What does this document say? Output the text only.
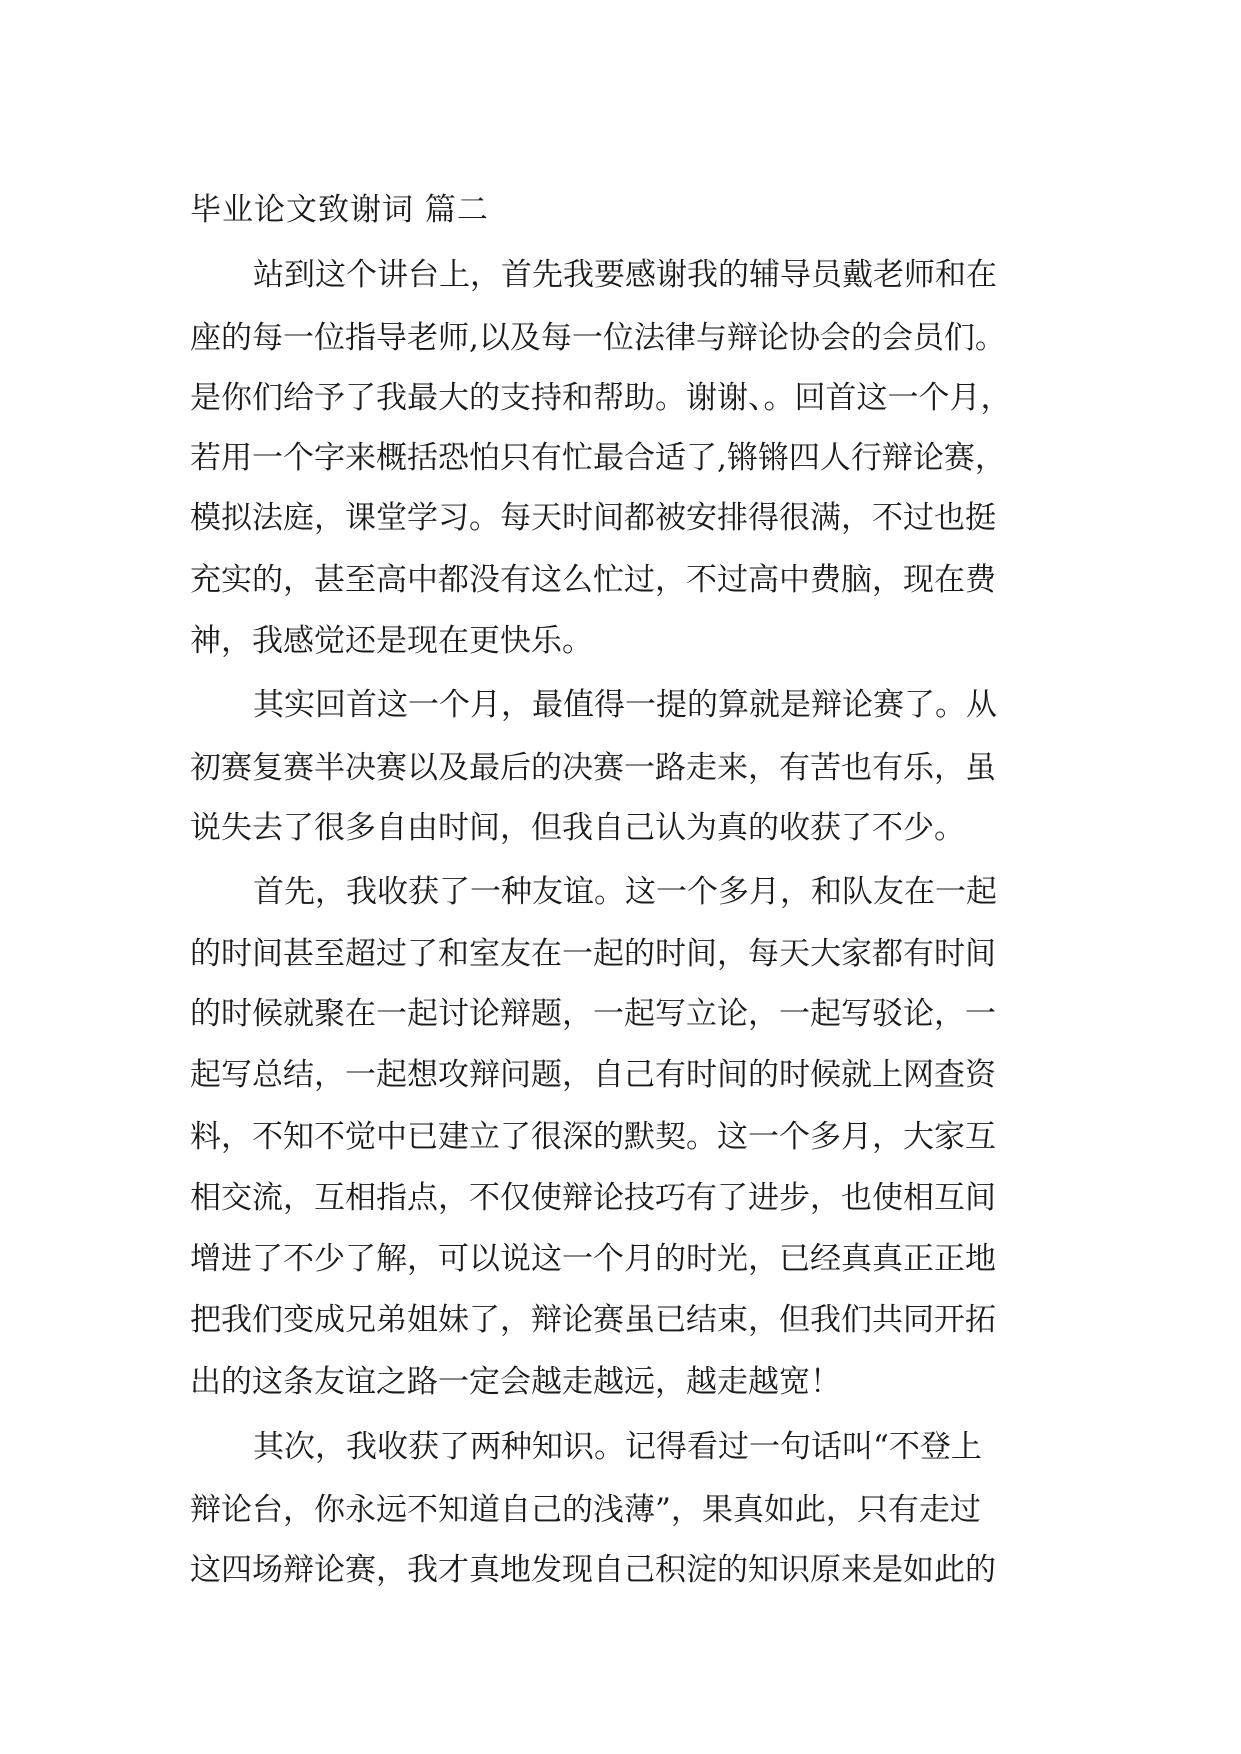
毕业论文致谢词 篇二
站到这个讲台上，首先我要感谢我的辅导员戴老师和在
座的每一位指导老师,以及每一位法律与辩论协会的会员们。
是你们给予了我最大的支持和帮助。谢谢、。回首这一个月，
若用一个字来概括恐怕只有忙最合适了,锵锵四人行辩论赛，
模拟法庭，课堂学习。每天时间都被安排得很满，不过也挺
充实的，甚至高中都没有这么忙过，不过高中费脑，现在费
神，我感觉还是现在更快乐。
其实回首这一个月，最值得一提的算就是辩论赛了。从
初赛复赛半决赛以及最后的决赛一路走来，有苦也有乐，虽
说失去了很多自由时间，但我自己认为真的收获了不少。
首先，我收获了一种友谊。这一个多月，和队友在一起
的时间甚至超过了和室友在一起的时间，每天大家都有时间
的时候就聚在一起讨论辩题，一起写立论，一起写驳论，一
起写总结，一起想攻辩问题，自己有时间的时候就上网查资
料，不知不觉中已建立了很深的默契。这一个多月，大家互
相交流，互相指点，不仅使辩论技巧有了进步，也使相互间
增进了不少了解，可以说这一个月的时光，已经真真正正地
把我们变成兄弟姐妹了，辩论赛虽已结束，但我们共同开拓
出的这条友谊之路一定会越走越远，越走越宽！
其次，我收获了两种知识。记得看过一句话叫“不登上
辩论台，你永远不知道自己的浅薄”，果真如此，只有走过
这四场辩论赛，我才真地发现自己积淀的知识原来是如此的
